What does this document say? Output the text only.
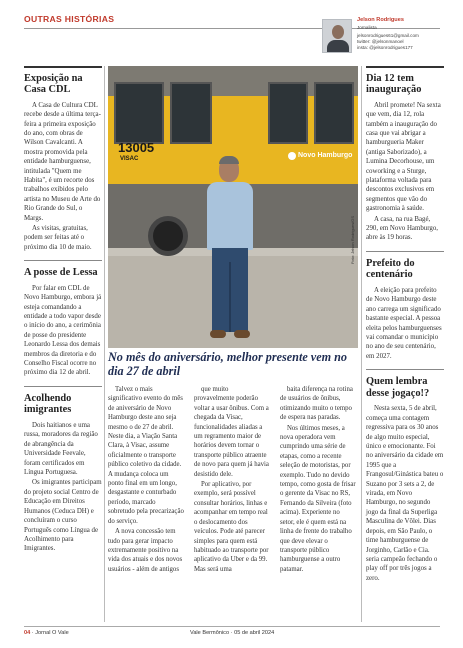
OUTRAS HISTÓRIAS	Jelson Rodrigues
Jornalista
jelsonrodrigues61@gmail.com
twitter: @jelsonmanoel
insta: @jelsonrodrigues177
Exposição na Casa CDL

A Casa de Cultura CDL recebe desde a última terça-feira a primeira exposição do ano, com obras de Wilson Cavalcanti. A mostra promovida pela entidade hamburguense, intitulada "Quem me Habita", é um recorte dos trabalhos exibidos pelo artista no Museu de Arte do Rio Grande do Sul, o Margs.

As visitas, gratuitas, podem ser feitas até o próximo dia 10 de maio.

A posse de Lessa

Por falar em CDL de Novo Hamburgo, embora já esteja comandando a entidade a todo vapor desde o início do ano, a cerimônia de posse do presidente Leonardo Lessa dos demais membros da diretoria e do Conselho Fiscal ocorre no próximo dia 12 de abril.

Acolhendo imigrantes

Dois haitianos e uma russa, moradores da região de abrangência da Universidade Feevale, foram certificados em Língua Portuguesa.

Os imigrantes participam do projeto social Centro de Educação em Direitos Humanos (Ceduca DH) e concluíram o curso Português como Língua de Acolhimento para Imigrantes.

13005
VISAC	Novo Hamburgo
Foto: Jelson Rodrigues/GS
No mês do aniversário, melhor presente vem no dia 27 de abril

Talvez o mais significativo evento do mês de aniversário de Novo Hamburgo deste ano seja mesmo o de 27 de abril. Neste dia, a Viação Santa Clara, à Visac, assume oficialmente o transporte público coletivo da cidade. A mudança coloca um ponto final em um longo, desgastante e conturbado período, marcado sobretudo pela precarização do serviço.

A nova concessão tem tudo para gerar impacto extremamente positivo na vida dos atuais e dos novos usuários - além de antigos

que muito provavelmente poderão voltar a usar ônibus. Com a chegada da Visac, funcionalidades aliadas a um regramento maior de horários devem tornar o transporte público atraente de novo para quem já havia desistido dele.

Por aplicativo, por exemplo, será possível consultar horários, linhas e acompanhar em tempo real o deslocamento dos veículos. Pode até parecer simples para quem está habituado ao transporte por aplicativo da Uber e da 99. Mas será uma

baita diferença na rotina de usuários de ônibus, otimizando muito o tempo de espera nas paradas.

Nos últimos meses, a nova operadora vem cumprindo uma série de etapas, como a recente seleção de motoristas, por exemplo. Tudo no devido tempo, como gosta de frisar o gerente da Visac no RS, Fernando da Silveira (foto acima). Experiente no setor, ele é quem está na linha de frente do trabalho que deve elevar o transporte público hamburguense a outro patamar.

Dia 12 tem inauguração

Abril promete! Na sexta que vem, dia 12, rola também a inauguração do casa que vai abrigar a hamburgueria Maker (antiga Saborizado), a Lumina Decorhouse, um coworking e a Sturge, plataforma voltada para descontos exclusivos em segmentos que vão do gastronomia à saúde.

A casa, na rua Bagé, 290, em Novo Hamburgo, abre às 19 horas.

Prefeito do centenário

A eleição para prefeito de Novo Hamburgo deste ano carrega um significado bastante especial. A pessoa eleita pelos hamburguenses vai comandar o município no ano de seu centenário, em 2027.

Quem lembra desse jogaço!?

Nesta sexta, 5 de abril, começa uma contagem regressiva para os 30 anos de algo muito especial, único e emocionante. Foi no aniversário da cidade em 1995 que a Frangosul/Ginástica bateu o Suzano por 3 sets a 2, de virada, em Novo Hamburgo, no segundo jogo da final da Superliga Masculina de Vôlei. Dias depois, em São Paulo, o time hamburguense de Jorginho, Carlão e Cia. seria campeão fechando o play off por três jogos a zero.

04 · Jornal O Vale	Vale Bermônico · 05 de abril 2024
